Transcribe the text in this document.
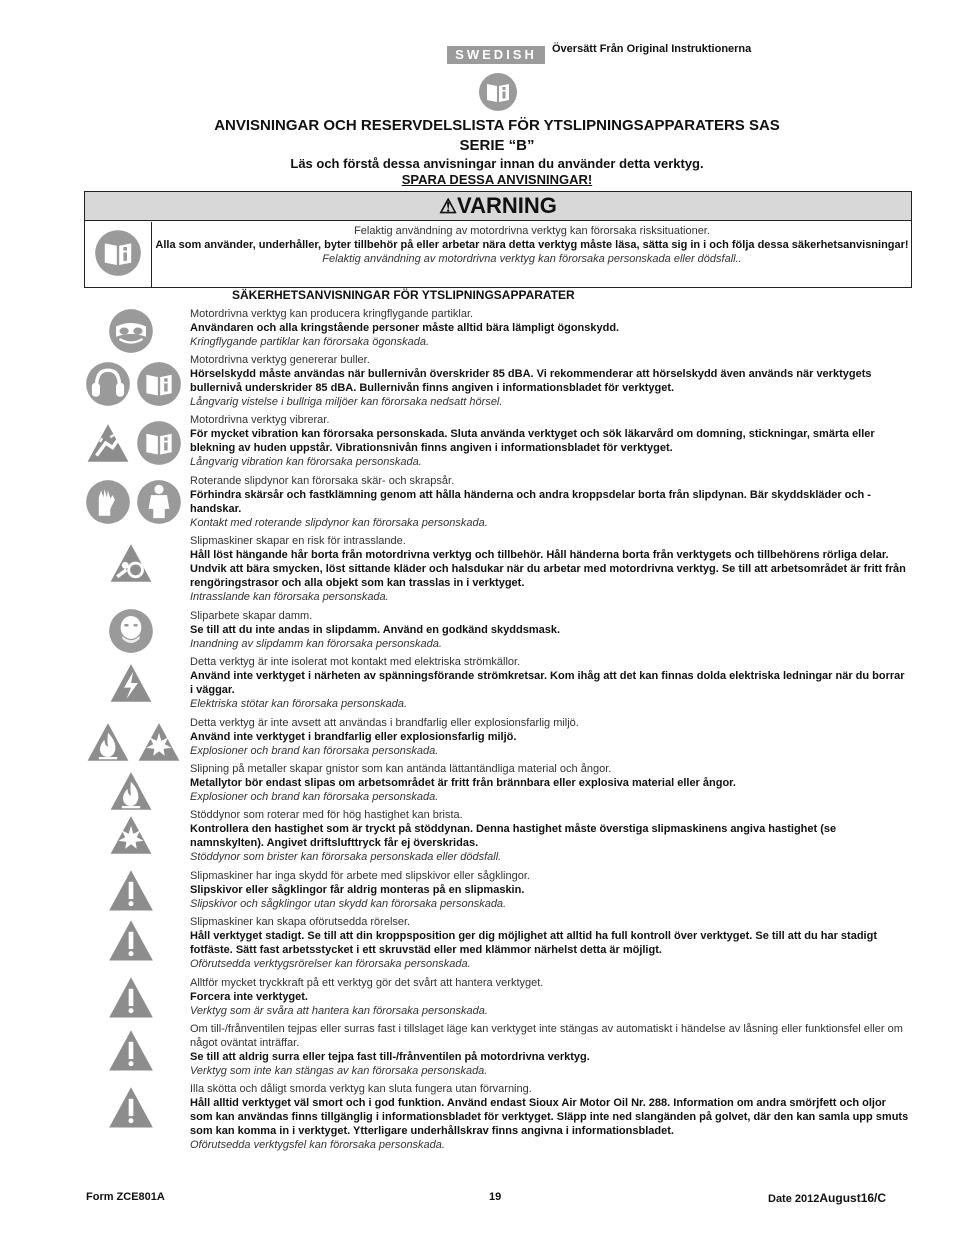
SWEDISH	Översätt Från Original Instruktionerna
ANVISNINGAR OCH RESERVDELSLISTA FÖR YTSLIPNINGSAPPARATERS SAS
SERIE “B”
Läs och förstå dessa anvisningar innan du använder detta verktyg.
SPARA DESSA ANVISNINGAR!
⚠VARNING
Felaktig användning av motordrivna verktyg kan förorsaka risksituationer.
Alla som använder, underhåller, byter tillbehör på eller arbetar nära detta verktyg måste läsa, sätta sig in i och följa dessa säkerhetsanvisningar!
Felaktig användning av motordrivna verktyg kan förorsaka personskada eller dödsfall..
SÄKERHETSANVISNINGAR FÖR YTSLIPNINGSAPPARATER
Motordrivna verktyg kan producera kringflygande partiklar.
Användaren och alla kringstående personer måste alltid bära lämpligt ögonskydd.
Kringflygande partiklar kan förorsaka ögonskada.
Motordrivna verktyg genererar buller.
Hörselskydd måste användas när bullernivån överskrider 85 dBA. Vi rekommenderar att hörselskydd även används när verktygets bullernivå underskrider 85 dBA. Bullernivån finns angiven i informationsbladet för verktyget.
Långvarig vistelse i bullriga miljöer kan förorsaka nedsatt hörsel.
Motordrivna verktyg vibrerar.
För mycket vibration kan förorsaka personskada. Sluta använda verktyget och sök läkarvård om domning, stickningar, smärta eller blekning av huden uppstår. Vibrationsnivån finns angiven i informationsbladet för verktyget.
Långvarig vibration kan förorsaka personskada.
Roterande slipdynor kan förorsaka skär- och skrapsår.
Förhindra skärsår och fastklämning genom att hålla händerna och andra kroppsdelar borta från slipdynan. Bär skyddskläder och -handskar.
Kontakt med roterande slipdynor kan förorsaka personskada.
Slipmaskiner skapar en risk för intrasslande.
Håll löst hängande hår borta från motordrivna verktyg och tillbehör. Håll händerna borta från verktygets och tillbehörens rörliga delar. Undvik att bära smycken, löst sittande kläder och halsdukar när du arbetar med motordrivna verktyg. Se till att arbetsområdet är fritt från rengöringstrasor och alla objekt som kan trasslas in i verktyget.
Intrasslande kan förorsaka personskada.
Sliparbete skapar damm.
Se till att du inte andas in slipdamm. Använd en godkänd skyddsmask.
Inandning av slipdamm kan förorsaka personskada.
Detta verktyg är inte isolerat mot kontakt med elektriska strömkällor.
Använd inte verktyget i närheten av spänningsförande strömkretsar. Kom ihåg att det kan finnas dolda elektriska ledningar när du borrar i väggar.
Elektriska stötar kan förorsaka personskada.
Detta verktyg är inte avsett att användas i brandfarlig eller explosionsfarlig miljö.
Använd inte verktyget i brandfarlig eller explosionsfarlig miljö.
Explosioner och brand kan förorsaka personskada.
Slipning på metaller skapar gnistor som kan antända lättantändliga material och ångor.
Metallytor bör endast slipas om arbetsområdet är fritt från brännbara eller explosiva material eller ångor.
Explosioner och brand kan förorsaka personskada.
Stöddynor som roterar med för hög hastighet kan brista.
Kontrollera den hastighet som är tryckt på stöddynan. Denna hastighet måste överstiga slipmaskinens angiva hastighet (se namnskylten). Angivet driftslufttryck får ej överskridas.
Stöddynor som brister kan förorsaka personskada eller dödsfall.
Slipmaskiner har inga skydd för arbete med slipskivor eller sågklingor.
Slipskivor eller sågklingor får aldrig monteras på en slipmaskin.
Slipskivor och sågklingor utan skydd kan förorsaka personskada.
Slipmaskiner kan skapa oförutsedda rörelser.
Håll verktyget stadigt. Se till att din kroppsposition ger dig möjlighet att alltid ha full kontroll över verktyget. Se till att du har stadigt fotfäste. Sätt fast arbetsstycket i ett skruvstäd eller med klämmor närhelst detta är möjligt.
Oförutsedda verktygsrörelser kan förorsaka personskada.
Alltför mycket tryckkraft på ett verktyg gör det svårt att hantera verktyget.
Forcera inte verktyget.
Verktyg som är svåra att hantera kan förorsaka personskada.
Om till-/frånventilen tejpas eller surras fast i tillslaget läge kan verktyget inte stängas av automatiskt i händelse av låsning eller funktionsfel eller om något oväntat inträffar.
Se till att aldrig surra eller tejpa fast till-/frånventilen på motordrivna verktyg.
Verktyg som inte kan stängas av kan förorsaka personskada.
Illa skötta och dåligt smorda verktyg kan sluta fungera utan förvarning.
Håll alltid verktyget väl smort och i god funktion. Använd endast Sioux Air Motor Oil Nr. 288. Information om andra smörjfett och oljor som kan användas finns tillgänglig i informationsbladet för verktyget. Släpp inte ned slangänden på golvet, där den kan samla upp smuts som kan komma in i verktyget. Ytterligare underhållskrav finns angivna i informationsbladet.
Oförutsedda verktygsfel kan förorsaka personskada.
Form ZCE801A	19	Date 2012August16/C
